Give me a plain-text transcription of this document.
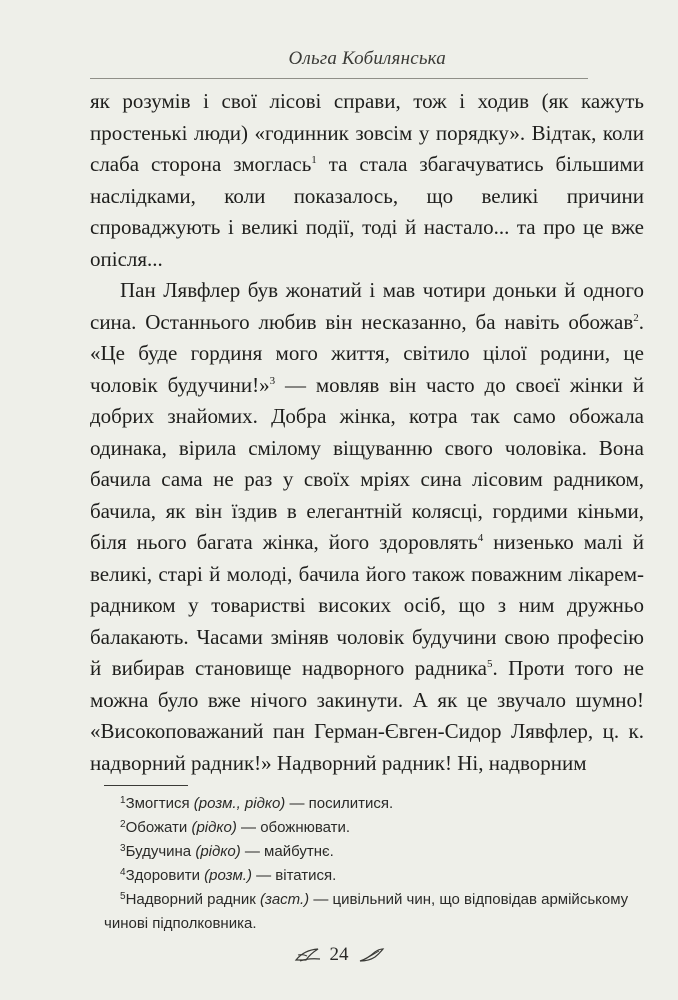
Ольга Кобилянська

як розумів і свої лісові справи, тож і ходив (як кажуть простенькі люди) «годинник зовсім у порядку». Відтак, коли слаба сторона змоглась$^1$ та стала збагачуватись більшими наслідками, коли показалось, що великі причини спроваджують і великі події, тоді й настало... та про це вже опісля...

Пан Лявфлер був жонатий і мав чотири доньки й одного сина. Останнього любив він несказанно, ба навіть обожав$^2$. «Це буде гординя мого життя, світило цілої родини, це чоловік будучини!»$^3$ — мовляв він часто до своєї жінки й добрих знайомих. Добра жінка, котра так само обожала одинака, вірила сміломy віщуванню свого чоловіка. Вона бачила сама не раз у своїх мріях сина лісовим радником, бачила, як він їздив в елегантній колясці, гордими кіньми, біля нього багата жінка, його здоровлять$^4$ низенько малі й великі, старі й молоді, бачила його також поважним лікарем-радником у товаристві високих осіб, що з ним дружньо балакають. Часами зміняв чоловік будучини свою професію й вибирав становище надворного радника$^5$. Проти того не можна було вже нічого закинути. А як це звучало шумно! «Високоповажаний пан Герман-Євген-Сидор Лявфлер, ц. к. надворний радник!» Надворний радник! Ні, надворним

$^1$Змогтися (розм., рідко) — посилитися.

$^2$Обожати (рідко) — обожнювати.

$^3$Будучина (рідко) — майбутнє.

$^4$Здоровити (розм.) — вітатися.

$^5$Надворний радник (заст.) — цивільний чин, що відповідав армійському чинові підполковника.

24
